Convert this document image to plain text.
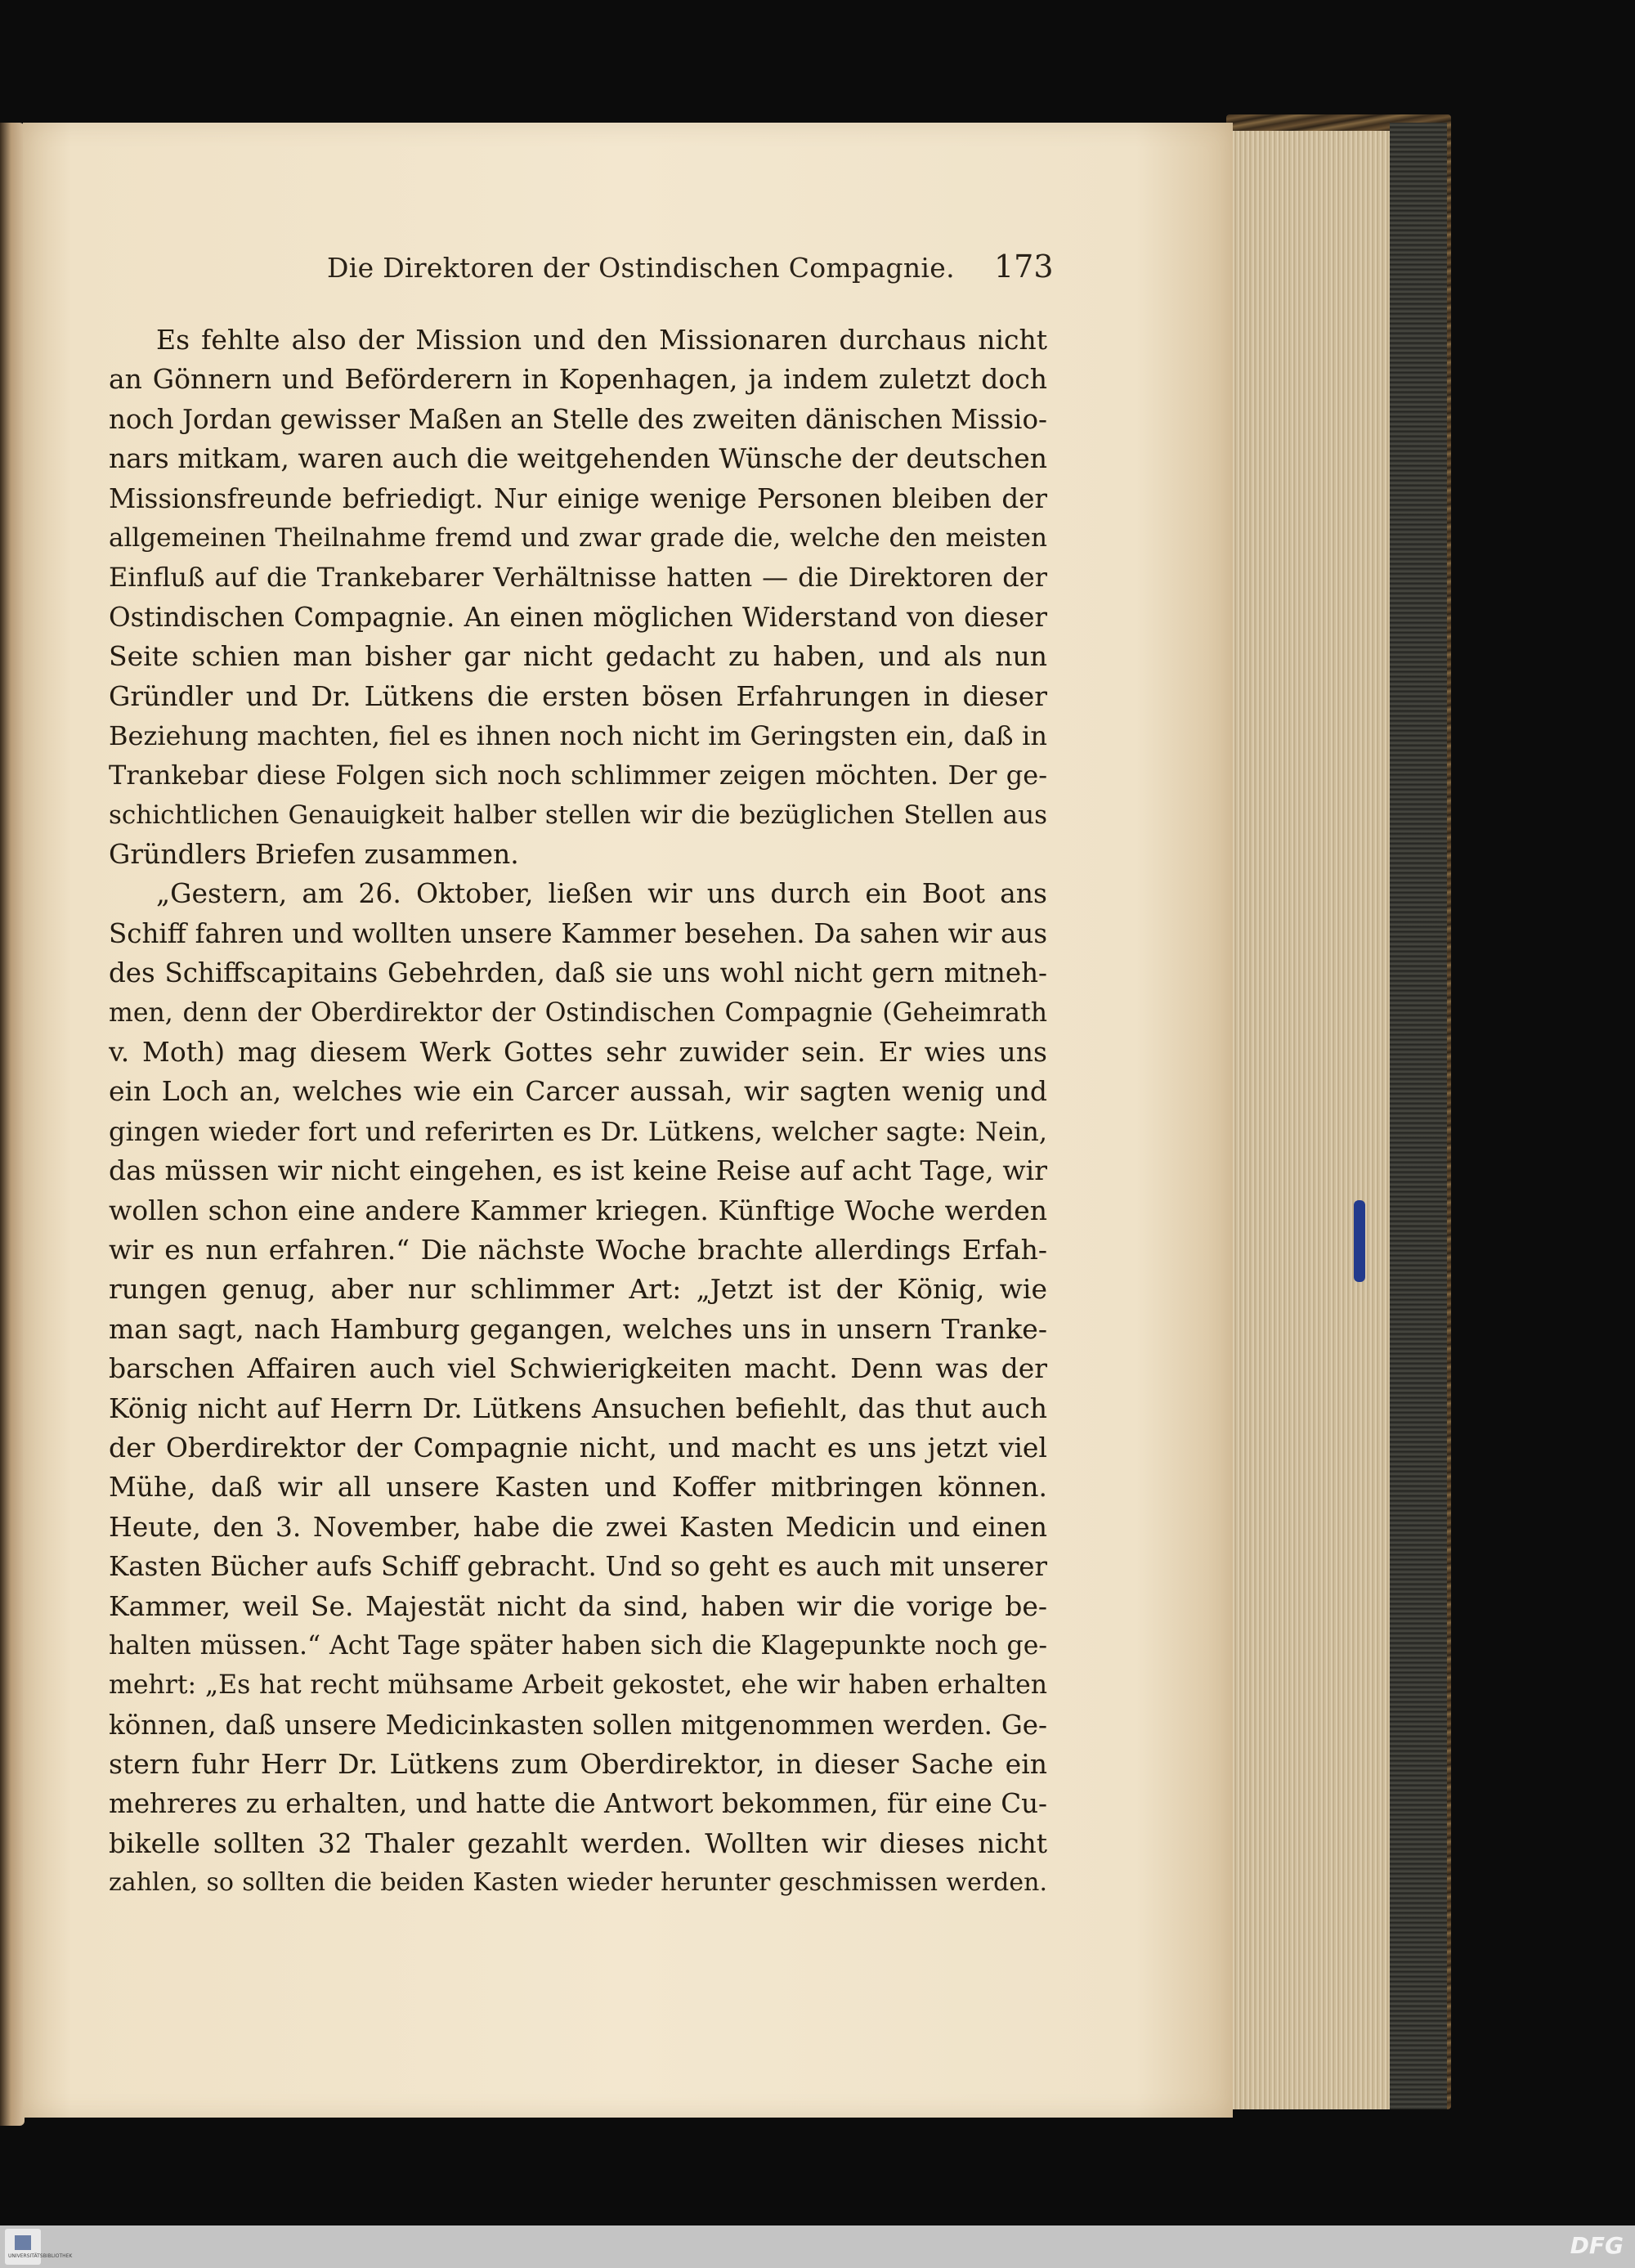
Die Direktoren der Ostindischen Compagnie. 173
Es fehlte also der Mission und den Missionaren durchaus nicht
an Gönnern und Beförderern in Kopenhagen, ja indem zuletzt doch
noch Jordan gewisser Maßen an Stelle des zweiten dänischen Missio-
nars mitkam, waren auch die weitgehenden Wünsche der deutschen
Missionsfreunde befriedigt. Nur einige wenige Personen bleiben der
allgemeinen Theilnahme fremd und zwar grade die, welche den meisten
Einfluß auf die Trankebarer Verhältnisse hatten — die Direktoren der
Ostindischen Compagnie. An einen möglichen Widerstand von dieser
Seite schien man bisher gar nicht gedacht zu haben, und als nun
Gründler und Dr. Lütkens die ersten bösen Erfahrungen in dieser
Beziehung machten, fiel es ihnen noch nicht im Geringsten ein, daß in
Trankebar diese Folgen sich noch schlimmer zeigen möchten. Der ge-
schichtlichen Genauigkeit halber stellen wir die bezüglichen Stellen aus
Gründlers Briefen zusammen.
„Gestern, am 26. Oktober, ließen wir uns durch ein Boot ans
Schiff fahren und wollten unsere Kammer besehen. Da sahen wir aus
des Schiffscapitains Gebehrden, daß sie uns wohl nicht gern mitneh-
men, denn der Oberdirektor der Ostindischen Compagnie (Geheimrath
v. Moth) mag diesem Werk Gottes sehr zuwider sein. Er wies uns
ein Loch an, welches wie ein Carcer aussah, wir sagten wenig und
gingen wieder fort und referirten es Dr. Lütkens, welcher sagte: Nein,
das müssen wir nicht eingehen, es ist keine Reise auf acht Tage, wir
wollen schon eine andere Kammer kriegen. Künftige Woche werden
wir es nun erfahren.“ Die nächste Woche brachte allerdings Erfah-
rungen genug, aber nur schlimmer Art: „Jetzt ist der König, wie
man sagt, nach Hamburg gegangen, welches uns in unsern Tranke-
barschen Affairen auch viel Schwierigkeiten macht. Denn was der
König nicht auf Herrn Dr. Lütkens Ansuchen befiehlt, das thut auch
der Oberdirektor der Compagnie nicht, und macht es uns jetzt viel
Mühe, daß wir all unsere Kasten und Koffer mitbringen können.
Heute, den 3. November, habe die zwei Kasten Medicin und einen
Kasten Bücher aufs Schiff gebracht. Und so geht es auch mit unserer
Kammer, weil Se. Majestät nicht da sind, haben wir die vorige be-
halten müssen.“ Acht Tage später haben sich die Klagepunkte noch ge-
mehrt: „Es hat recht mühsame Arbeit gekostet, ehe wir haben erhalten
können, daß unsere Medicinkasten sollen mitgenommen werden. Ge-
stern fuhr Herr Dr. Lütkens zum Oberdirektor, in dieser Sache ein
mehreres zu erhalten, und hatte die Antwort bekommen, für eine Cu-
bikelle sollten 32 Thaler gezahlt werden. Wollten wir dieses nicht
zahlen, so sollten die beiden Kasten wieder herunter geschmissen werden.
UNIVERSITÄTSBIBLIOTHEK	DFG
